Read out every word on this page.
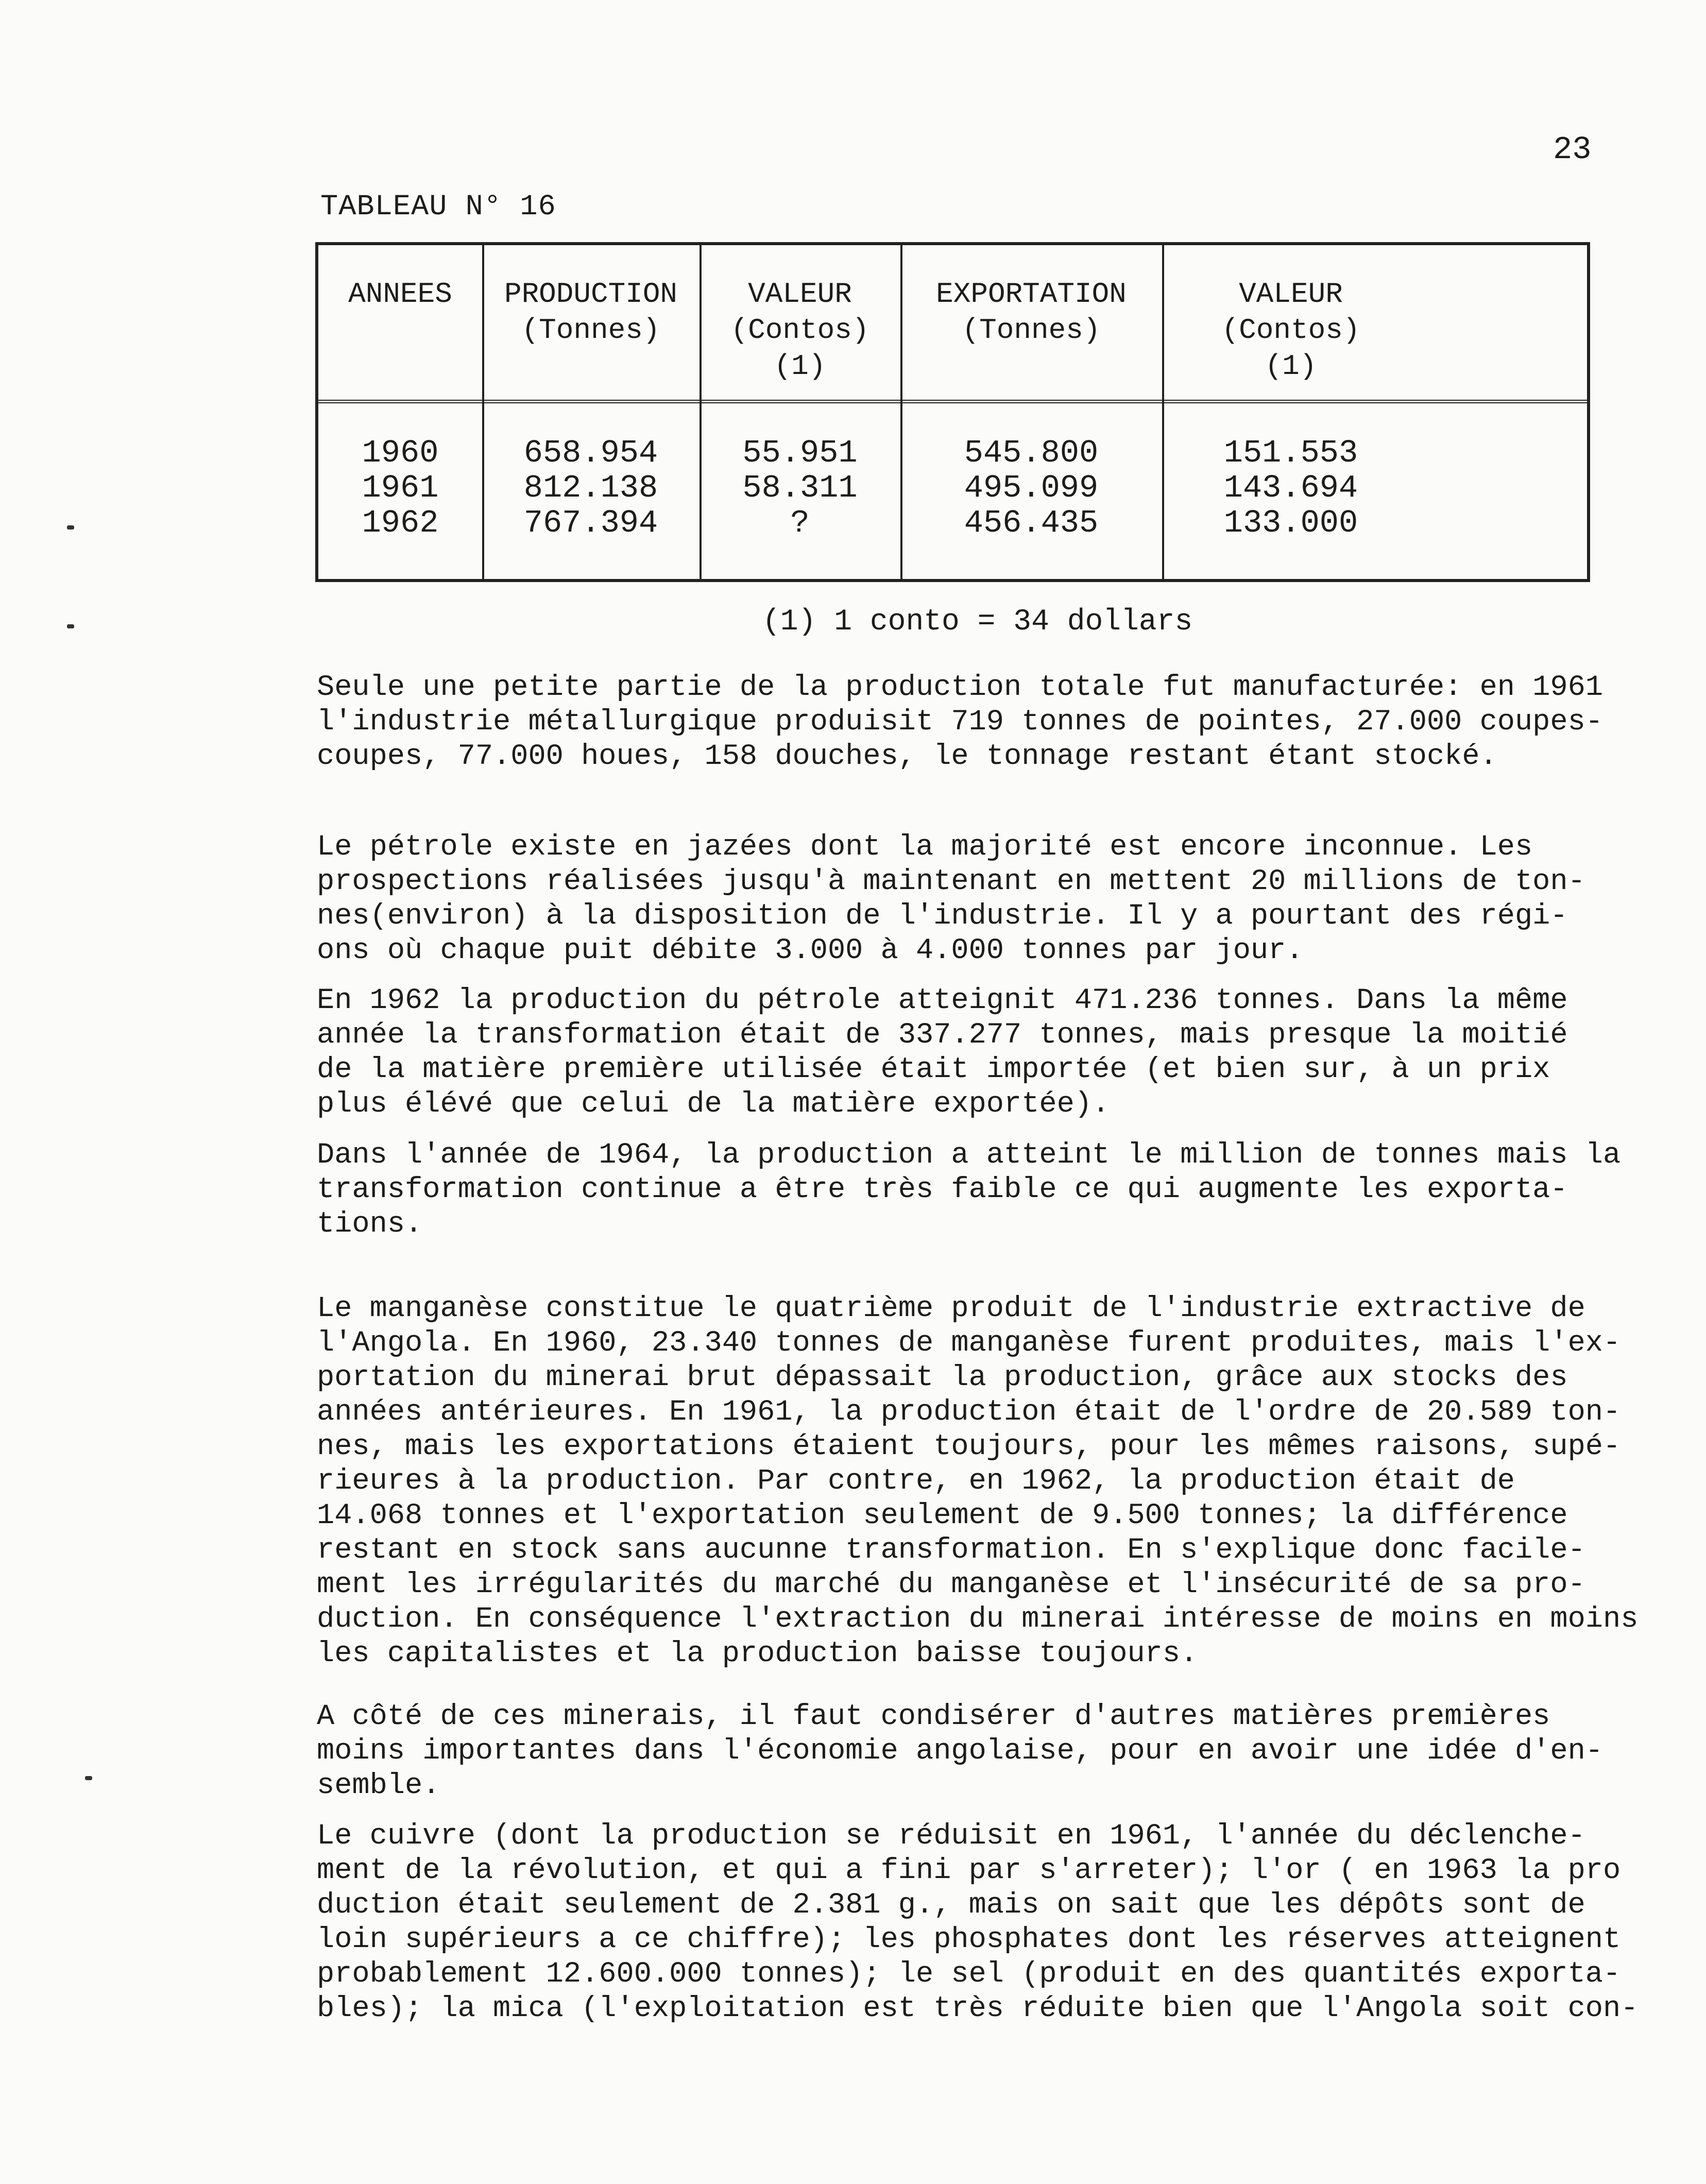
23
TABLEAU N° 16
ANNEES	PRODUCTION
(Tonnes)
VALEUR
(Contos)
(1)
EXPORTATION
(Tonnes)
VALEUR
(Contos)
(1)
1960
1961
1962
658.954
812.138
767.394
55.951
58.311
?
545.800
495.099
456.435
151.553
143.694
133.000
(1) 1 conto = 34 dollars

Seule une petite partie de la production totale fut manufacturée: en 1961
l'industrie métallurgique produisit 719 tonnes de pointes, 27.000 coupes-
coupes, 77.000 houes, 158 douches, le tonnage restant étant stocké.

Le pétrole existe en jazées dont la majorité est encore inconnue. Les
prospections réalisées jusqu'à maintenant en mettent 20 millions de ton-
nes(environ) à la disposition de l'industrie. Il y a pourtant des régi-
ons où chaque puit débite 3.000 à 4.000 tonnes par jour.

En 1962 la production du pétrole atteignit 471.236 tonnes. Dans la même
année la transformation était de 337.277 tonnes, mais presque la moitié
de la matière première utilisée était importée (et bien sur, à un prix
plus élévé que celui de la matière exportée).

Dans l'année de 1964, la production a atteint le million de tonnes mais la
transformation continue a être très faible ce qui augmente les exporta-
tions.

Le manganèse constitue le quatrième produit de l'industrie extractive de
l'Angola. En 1960, 23.340 tonnes de manganèse furent produites, mais l'ex-
portation du minerai brut dépassait la production, grâce aux stocks des
années antérieures. En 1961, la production était de l'ordre de 20.589 ton-
nes, mais les exportations étaient toujours, pour les mêmes raisons, supé-
rieures à la production. Par contre, en 1962, la production était de
14.068 tonnes et l'exportation seulement de 9.500 tonnes; la différence
restant en stock sans aucunne transformation. En s'explique donc facile-
ment les irrégularités du marché du manganèse et l'insécurité de sa pro-
duction. En conséquence l'extraction du minerai intéresse de moins en moins
les capitalistes et la production baisse toujours.

A côté de ces minerais, il faut condisérer d'autres matières premières
moins importantes dans l'économie angolaise, pour en avoir une idée d'en-
semble.

Le cuivre (dont la production se réduisit en 1961, l'année du déclenche-
ment de la révolution, et qui a fini par s'arreter); l'or ( en 1963 la pro
duction était seulement de 2.381 g., mais on sait que les dépôts sont de
loin supérieurs a ce chiffre); les phosphates dont les réserves atteignent
probablement 12.600.000 tonnes); le sel (produit en des quantités exporta-
bles); la mica (l'exploitation est très réduite bien que l'Angola soit con-
